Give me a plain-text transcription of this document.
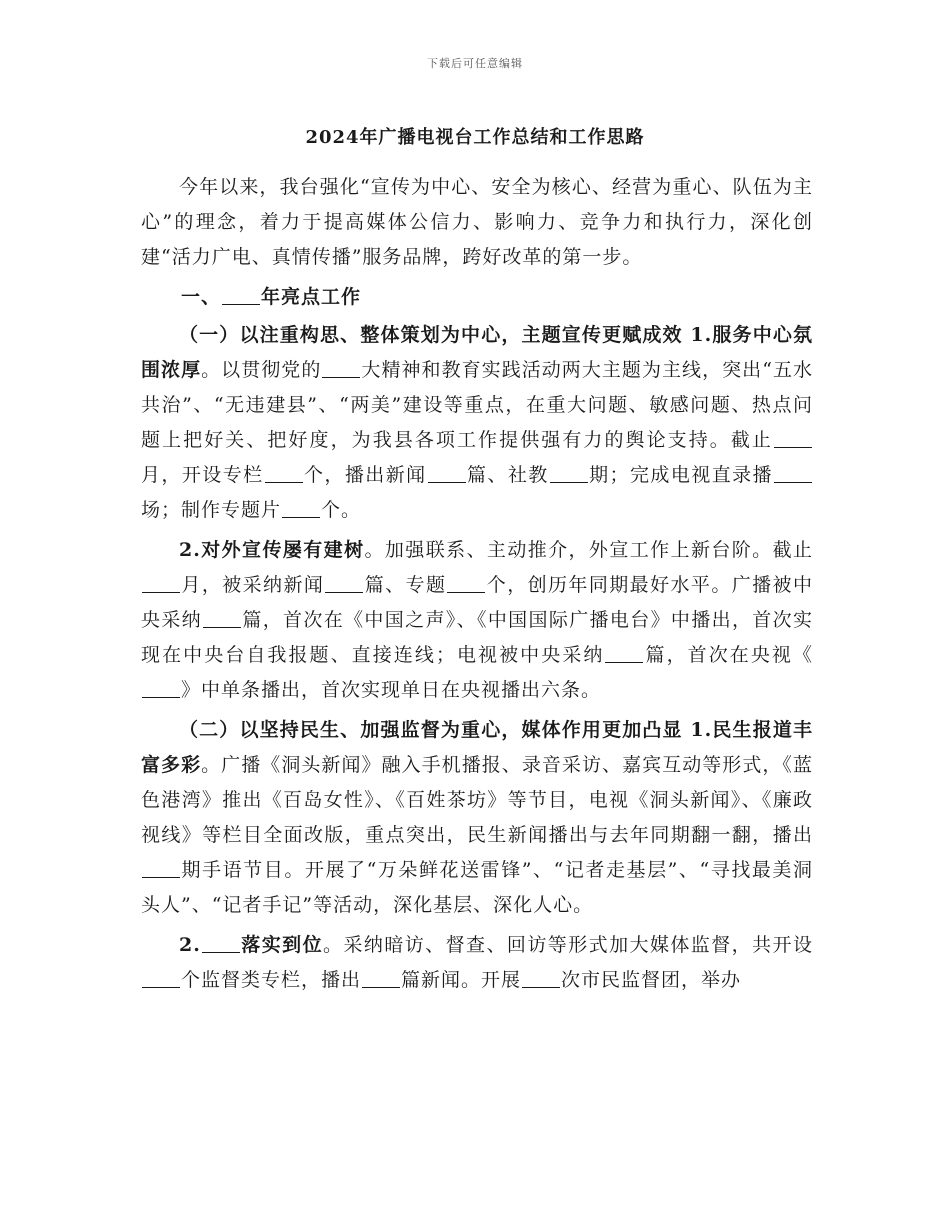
下载后可任意编辑
2024年广播电视台工作总结和工作思路

今年以来，我台强化“宣传为中心、安全为核心、经营为重心、队伍为主心”的理念，着力于提高媒体公信力、影响力、竞争力和执行力，深化创建“活力广电、真情传播”服务品牌，跨好改革的第一步。

一、 年亮点工作

（一）以注重构思、整体策划为中心，主题宣传更赋成效 1.服务中心氛围浓厚。以贯彻党的 大精神和教育实践活动两大主题为主线，突出“五水共治”、“无违建县”、“两美”建设等重点，在重大问题、敏感问题、热点问题上把好关、把好度，为我县各项工作提供强有力的舆论支持。截止月，开设专栏 个，播出新闻 篇、社教 期；完成电视直录播场；制作专题片 个。

2.对外宣传屡有建树。加强联系、主动推介，外宣工作上新台阶。截止月，被采纳新闻 篇、专题 个，创历年同期最好水平。广播被中央采纳 篇，首次在《中国之声》、《中国国际广播电台》中播出，首次实现在中央台自我报题、直接连线；电视被中央采纳 篇，首次在央视《》中单条播出，首次实现单日在央视播出六条。

（二）以坚持民生、加强监督为重心，媒体作用更加凸显 1.民生报道丰富多彩。广播《洞头新闻》融入手机播报、录音采访、嘉宾互动等形式，《蓝色港湾》推出《百岛女性》、《百姓茶坊》等节目，电视《洞头新闻》、《廉政视线》等栏目全面改版，重点突出，民生新闻播出与去年同期翻一翻，播出期手语节目。开展了“万朵鲜花送雷锋”、“记者走基层”、“寻找最美洞头人”、“记者手记”等活动，深化基层、深化人心。

2. 落实到位。采纳暗访、督查、回访等形式加大媒体监督，共开设个监督类专栏，播出 篇新闻。开展 次市民监督团，举办
